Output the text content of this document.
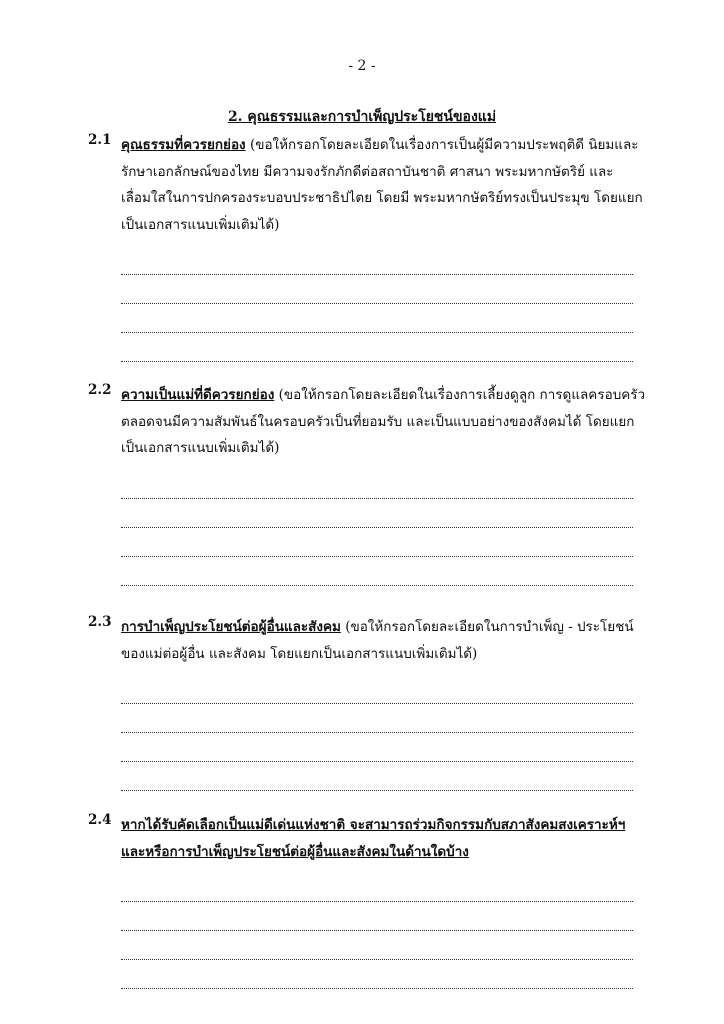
- 2 -
2. คุณธรรมและการบำเพ็ญประโยชน์ของแม่
2.1 คุณธรรมที่ควรยกย่อง (ขอให้กรอกโดยละเอียดในเรื่องการเป็นผู้มีความประพฤติดี นิยมและรักษาเอกลักษณ์ของไทย มีความจงรักภักดีต่อสถาบันชาติ ศาสนา พระมหากษัตริย์ และเลื่อมใสในการปกครองระบอบประชาธิปไตย โดยมี พระมหากษัตริย์ทรงเป็นประมุข โดยแยกเป็นเอกสารแนบเพิ่มเติมได้)
2.2 ความเป็นแม่ที่ดีควรยกย่อง (ขอให้กรอกโดยละเอียดในเรื่องการเลี้ยงดูลูก การดูแลครอบครัว ตลอดจนมีความสัมพันธ์ในครอบครัวเป็นที่ยอมรับ และเป็นแบบอย่างของสังคมได้ โดยแยกเป็นเอกสารแนบเพิ่มเติมได้)
2.3 การบำเพ็ญประโยชน์ต่อผู้อื่นและสังคม (ขอให้กรอกโดยละเอียดในการบำเพ็ญ - ประโยชน์ของแม่ต่อผู้อื่น และสังคม โดยแยกเป็นเอกสารแนบเพิ่มเติมได้)
2.4 หากได้รับคัดเลือกเป็นแม่ดีเด่นแห่งชาติ จะสามารถร่วมกิจกรรมกับสภาสังคมสงเคราะห์ฯ และหรือการบำเพ็ญประโยชน์ต่อผู้อื่นและสังคมในด้านใดบ้าง
